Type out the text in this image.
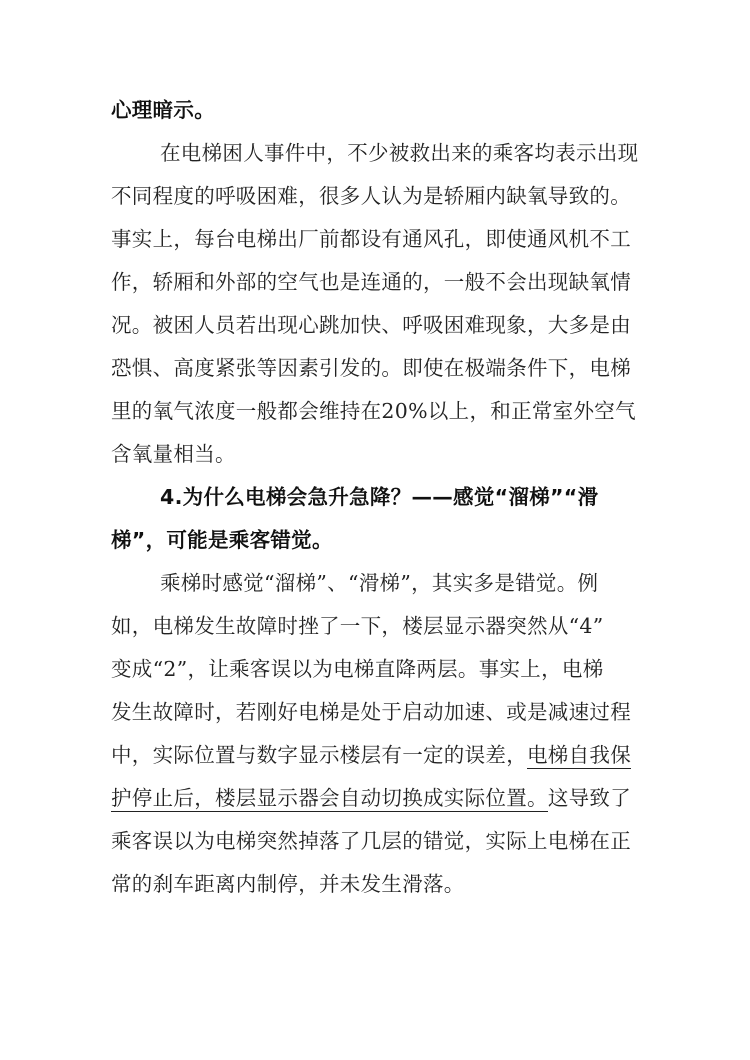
心理暗示。
在电梯困人事件中，不少被救出来的乘客均表示出现
不同程度的呼吸困难，很多人认为是轿厢内缺氧导致的。
事实上，每台电梯出厂前都设有通风孔，即使通风机不工
作，轿厢和外部的空气也是连通的，一般不会出现缺氧情
况。被困人员若出现心跳加快、呼吸困难现象，大多是由
恐惧、高度紧张等因素引发的。即使在极端条件下，电梯
里的氧气浓度一般都会维持在20%以上，和正常室外空气
含氧量相当。
4.为什么电梯会急升急降？——感觉“溜梯”“滑
梯”，可能是乘客错觉。
乘梯时感觉“溜梯”、“滑梯”，其实多是错觉。例
如，电梯发生故障时挫了一下，楼层显示器突然从“4”
变成“2”，让乘客误以为电梯直降两层。事实上，电梯
发生故障时，若刚好电梯是处于启动加速、或是减速过程
中，实际位置与数字显示楼层有一定的误差，电梯自我保
护停止后，楼层显示器会自动切换成实际位置。这导致了
乘客误以为电梯突然掉落了几层的错觉，实际上电梯在正
常的刹车距离内制停，并未发生滑落。
